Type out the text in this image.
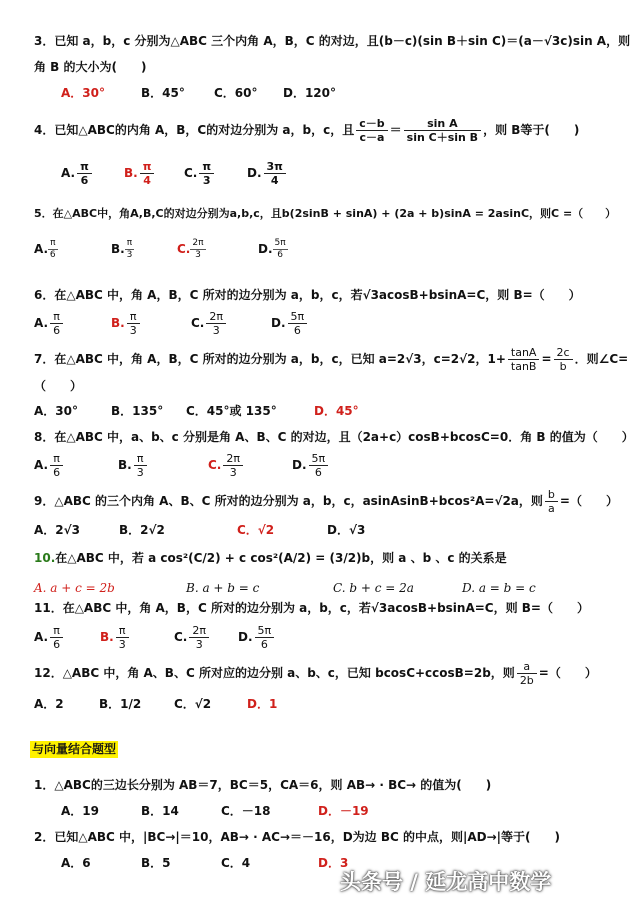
3．已知 a，b，c 分别为△ABC 三个内角 A，B，C 的对边，且(b－c)(sin B＋sin C)＝(a－√3c)sin A，则
角 B 的大小为(　　)
A．30°	B．45° C．60° D．120°
4．已知△ABC的内角 A，B，C的对边分别为 a，b，c，且 $\frac{c-b}{c-a} = \frac{\text{sin A}}{\text{sin C＋sin B}}$ ，则 B等于(　　)
A. $\frac{\pi}{6}$	B. $\frac{\pi}{4} C$. $\frac{\pi}{3}$	D. $\frac{3\pi}{4}$
5．在△ABC中，角A,B,C的对边分别为a,b,c，且b(2sinB + sinA) + (2a + b)sinA = 2asinC，则C =（　　）
A. $\frac{\pi}{6}$	B. $\frac{\pi}{3}$	C. $\frac{2\pi}{3}$	D. $\frac{5\pi}{6}$
6．在△ABC 中，角 A，B，C 所对的边分别为 a，b，c，若√3acosB+bsinA=C，则 B=（　　）
A. $\frac{\pi}{6}$	B. $\frac{\pi}{3}$	C. $\frac{2\pi}{3}$	D. $\frac{5\pi}{6}$
7．在△ABC 中，角 A，B，C 所对的边分别为 a，b，c，已知 a=2√3，c=2√2，$1+ \frac{\tan A}{\tan B} = \frac{2c}{b}$ ．则∠C=
（　　）
A．30°	B．135° C．45°或 135°	D．45°
8．在△ABC 中，a、b、c 分别是角 A、B、C 的对边，且（2a+c）cosB+bcosC=0．角 B 的值为（　　）
A. $\frac{\pi}{6}$	B. $\frac{\pi}{3}$	C. $\frac{2\pi}{3}$	D. $\frac{5\pi}{6}$
9．△ABC 的三个内角 A、B、C 所对的边分别为 a，b，c，asinAsinB+bcos²A=√2a，则 $\frac{b}{a}$ =（　　）
A．2√3	B．2√2	C．√2	D．√3
10.在△ABC 中，若 a cos²(C/2) + c cos²(A/2) = (3/2)b，则 a 、b 、c 的关系是
A. a + c = 2b	B. a + b = c	C. b + c = 2a	D. a = b = c
11．在△ABC 中，角 A，B，C 所对的边分别为 a，b，c，若√3acosB+bsinA=C，则 B=（　　）
A. $\frac{\pi}{6}$	B. $\frac{\pi}{3}$	C. $\frac{2\pi}{3} D$. $\frac{5\pi}{6}$
12．△ABC 中，角 A、B、C 所对应的边分别 a、b、c，已知 bcosC+ccosB=2b，则 $\frac{a}{2b}$ =（　　）
A．2	B．1/2	C．√2	D．1
与向量结合题型
1．△ABC的三边长分别为 AB＝7，BC＝5，CA＝6，则 AB→ · BC→ 的值为(　　)
A．19	B．14	C．－18	D．－19
2．已知△ABC 中，|BC→|＝10，AB→ · AC→＝－16，D为边 BC 的中点，则|AD→|等于(　　)
A．6	B．5	C．4	D．3
头条号 / 延龙高中数学
